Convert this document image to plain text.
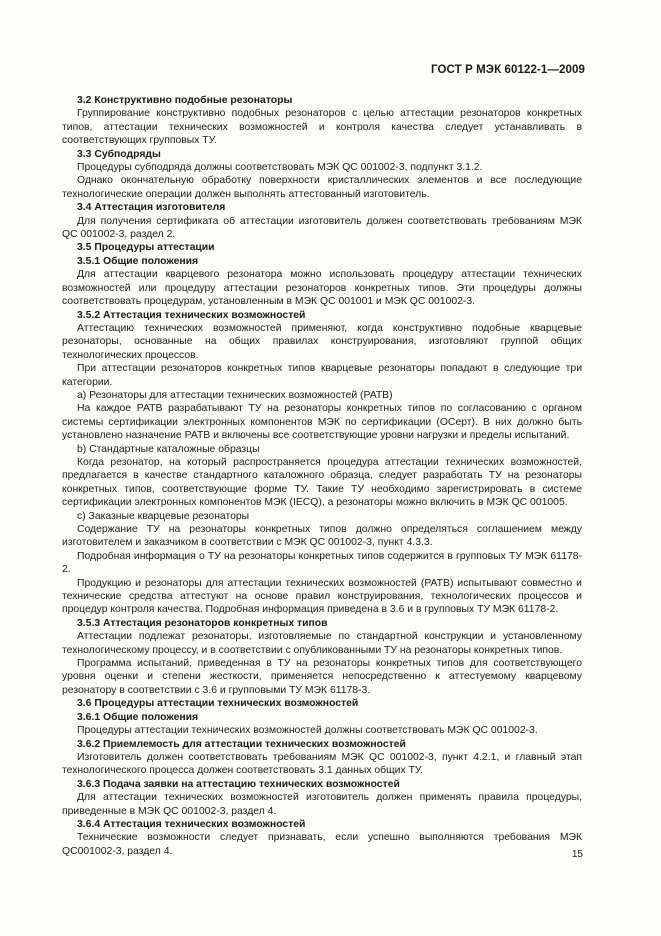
ГОСТ Р МЭК 60122-1—2009

3.2 Конструктивно подобные резонаторы

Группирование конструктивно подобных резонаторов с целью аттестации резонаторов конкретных типов, аттестации технических возможностей и контроля качества следует устанавливать в соответствующих групповых ТУ.

3.3 Субподряды

Процедуры субподряда должны соответствовать МЭК QC 001002-3, подпункт 3.1.2.

Однако окончательную обработку поверхности кристаллических элементов и все последующие технологические операции должен выполнять аттестованный изготовитель.

3.4 Аттестация изготовителя

Для получения сертификата об аттестации изготовитель должен соответствовать требованиям МЭК QC 001002-3, раздел 2.

3.5 Процедуры аттестации

3.5.1 Общие положения

Для аттестации кварцевого резонатора можно использовать процедуру аттестации технических возможностей или процедуру аттестации резонаторов конкретных типов. Эти процедуры должны соответствовать процедурам, установленным в МЭК QC 001001 и МЭК QC 001002-3.

3.5.2 Аттестация технических возможностей

Аттестацию технических возможностей применяют, когда конструктивно подобные кварцевые резонаторы, основанные на общих правилах конструирования, изготовляют группой общих технологических процессов.

При аттестации резонаторов конкретных типов кварцевые резонаторы попадают в следующие три категории.

а) Резонаторы для аттестации технических возможностей (РАТВ)

На каждое РАТВ разрабатывают ТУ на резонаторы конкретных типов по согласованию с органом системы сертификации электронных компонентов МЭК по сертификации (ОСерт). В них должно быть установлено назначение РАТВ и включены все соответствующие уровни нагрузки и пределы испытаний.

b) Стандартные каталожные образцы

Когда резонатор, на который распространяется процедура аттестации технических возможностей, предлагается в качестве стандартного каталожного образца, следует разработать ТУ на резонаторы конкретных типов, соответствующие форме ТУ. Такие ТУ необходимо зарегистрировать в системе сертификации электронных компонентов МЭК (IECQ), а резонаторы можно включить в МЭК QC 001005.

с) Заказные кварцевые резонаторы

Содержание ТУ на резонаторы конкретных типов должно определяться соглашением между изготовителем и заказчиком в соответствии с МЭК QC 001002-3, пункт 4.3.3.

Подробная информация о ТУ на резонаторы конкретных типов содержится в групповых ТУ МЭК 61178-2.

Продукцию и резонаторы для аттестации технических возможностей (РАТВ) испытывают совместно и технические средства аттестуют на основе правил конструирования, технологических процессов и процедур контроля качества. Подробная информация приведена в 3.6 и в групповых ТУ МЭК 61178-2.

3.5.3 Аттестация резонаторов конкретных типов

Аттестации подлежат резонаторы, изготовляемые по стандартной конструкции и установленному технологическому процессу, и в соответствии с опубликованными ТУ на резонаторы конкретных типов.

Программа испытаний, приведенная в ТУ на резонаторы конкретных типов для соответствующего уровня оценки и степени жесткости, применяется непосредственно к аттестуемому кварцевому резонатору в соответствии с 3.6 и групповыми ТУ МЭК 61178-3.

3.6 Процедуры аттестации технических возможностей

3.6.1 Общие положения

Процедуры аттестации технических возможностей должны соответствовать МЭК QC 001002-3.

3.6.2 Приемлемость для аттестации технических возможностей

Изготовитель должен соответствовать требованиям МЭК QC 001002-3, пункт 4.2.1, и главный этап технологического процесса должен соответствовать 3.1 данных общих ТУ.

3.6.3 Подача заявки на аттестацию технических возможностей

Для аттестации технических возможностей изготовитель должен применять правила процедуры, приведенные в МЭК QC 001002-3, раздел 4.

3.6.4 Аттестация технических возможностей

Технические возможности следует признавать, если успешно выполняются требования МЭК QC001002-3, раздел 4.	15
